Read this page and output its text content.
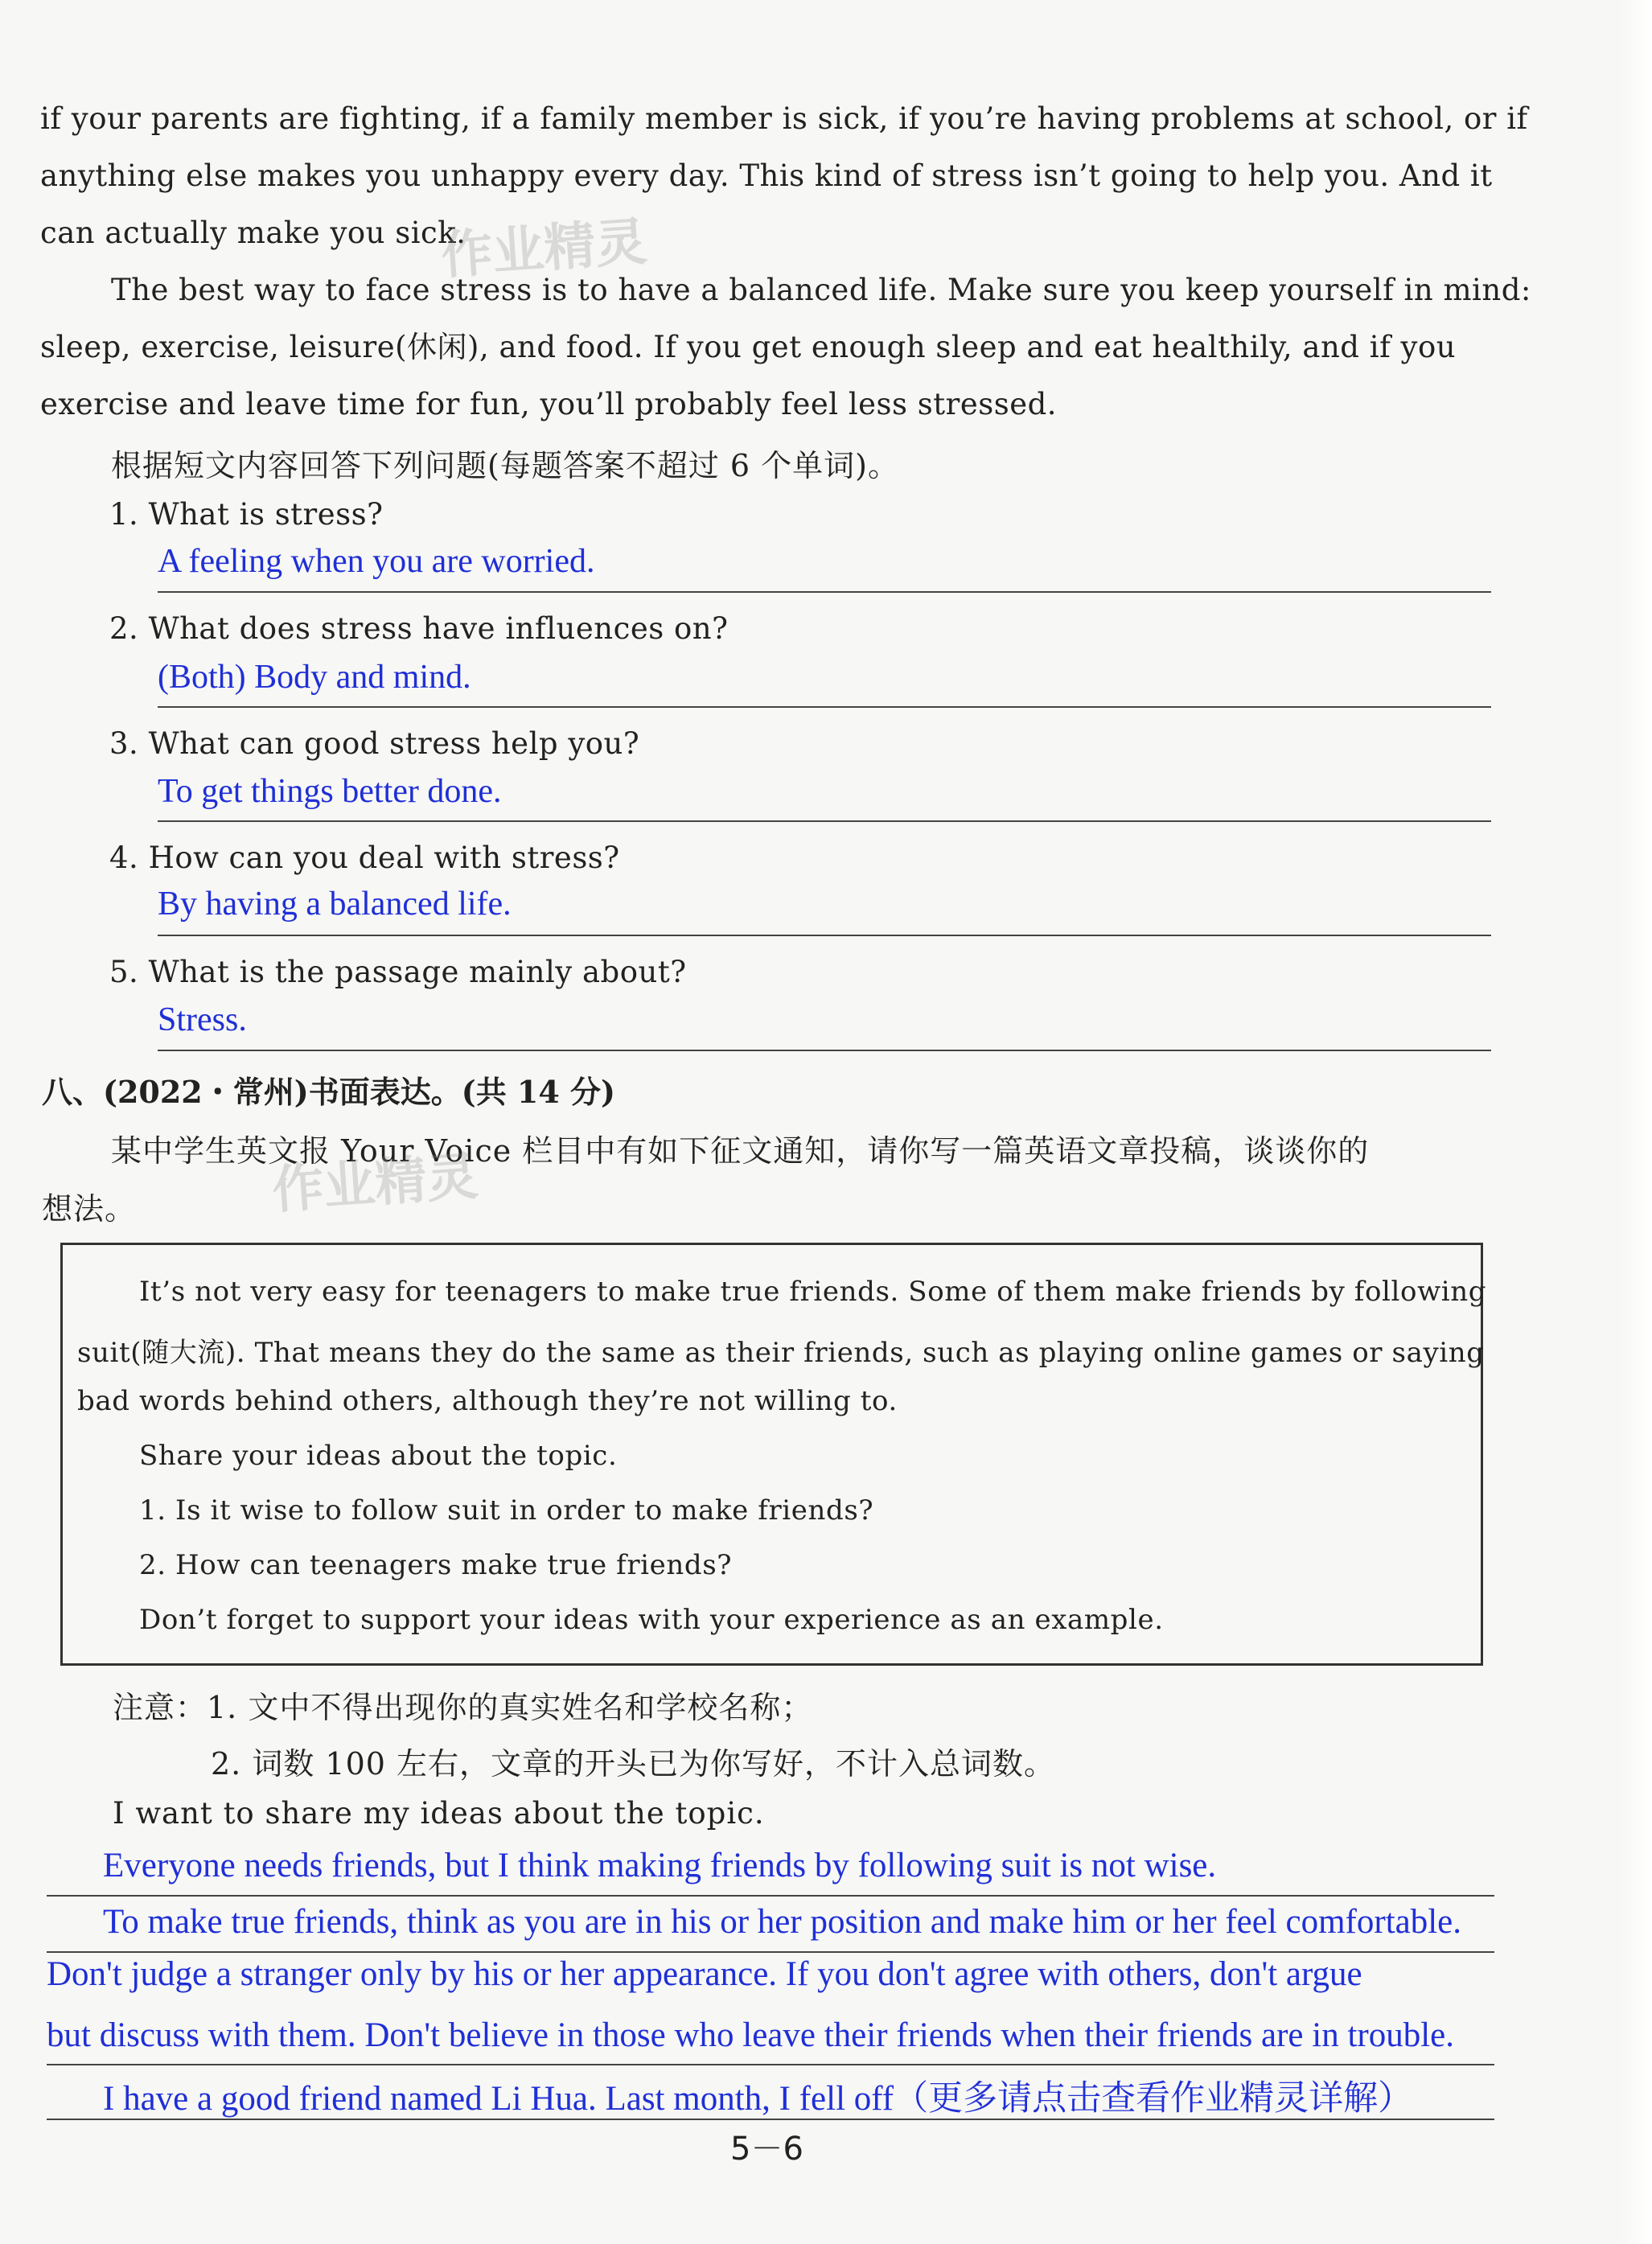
if your parents are fighting, if a family member is sick, if you’re having problems at school, or if
anything else makes you unhappy every day. This kind of stress isn’t going to help you. And it
can actually make you sick.
The best way to face stress is to have a balanced life. Make sure you keep yourself in mind:
sleep, exercise, leisure(休闲), and food. If you get enough sleep and eat healthily, and if you
exercise and leave time for fun, you’ll probably feel less stressed.
作业精灵
根据短文内容回答下列问题(每题答案不超过 6 个单词)。
1. What is stress?
A feeling when you are worried.
2. What does stress have influences on?
(Both) Body and mind.
3. What can good stress help you?
To get things better done.
4. How can you deal with stress?
By having a balanced life.
5. What is the passage mainly about?
Stress.
八、(2022・常州)书面表达。(共 14 分)
某中学生英文报 Your Voice 栏目中有如下征文通知，请你写一篇英语文章投稿，谈谈你的
想法。	作业精灵
It’s not very easy for teenagers to make true friends. Some of them make friends by following
suit(随大流). That means they do the same as their friends, such as playing online games or saying
bad words behind others, although they’re not willing to.
Share your ideas about the topic.
1. Is it wise to follow suit in order to make friends?
2. How can teenagers make true friends?
Don’t forget to support your ideas with your experience as an example.
注意：1. 文中不得出现你的真实姓名和学校名称；
2. 词数 100 左右，文章的开头已为你写好，不计入总词数。
I want to share my ideas about the topic.
Everyone needs friends, but I think making friends by following suit is not wise.
To make true friends, think as you are in his or her position and make him or her feel comfortable.
Don't judge a stranger only by his or her appearance. If you don't agree with others, don't argue
but discuss with them. Don't believe in those who leave their friends when their friends are in trouble.
I have a good friend named Li Hua. Last month, I fell off（更多请点击查看作业精灵详解）
5－6
